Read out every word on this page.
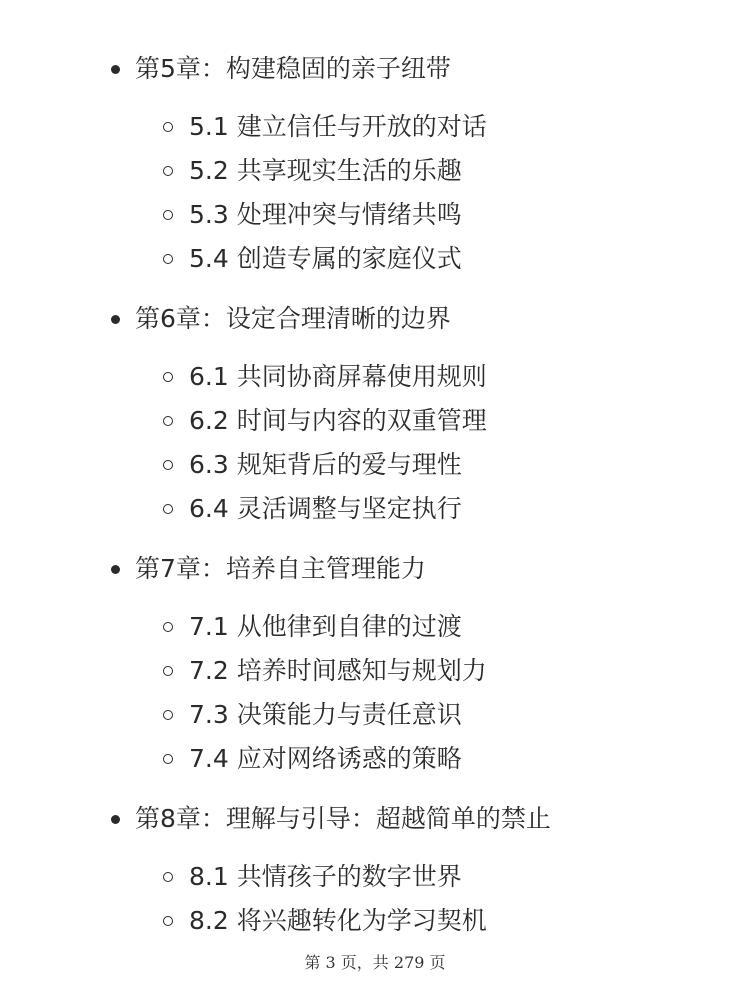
第5章：构建稳固的亲子纽带
5.1 建立信任与开放的对话
5.2 共享现实生活的乐趣
5.3 处理冲突与情绪共鸣
5.4 创造专属的家庭仪式
第6章：设定合理清晰的边界
6.1 共同协商屏幕使用规则
6.2 时间与内容的双重管理
6.3 规矩背后的爱与理性
6.4 灵活调整与坚定执行
第7章：培养自主管理能力
7.1 从他律到自律的过渡
7.2 培养时间感知与规划力
7.3 决策能力与责任意识
7.4 应对网络诱惑的策略
第8章：理解与引导：超越简单的禁止
8.1 共情孩子的数字世界
8.2 将兴趣转化为学习契机
第 3 页，共 279 页
